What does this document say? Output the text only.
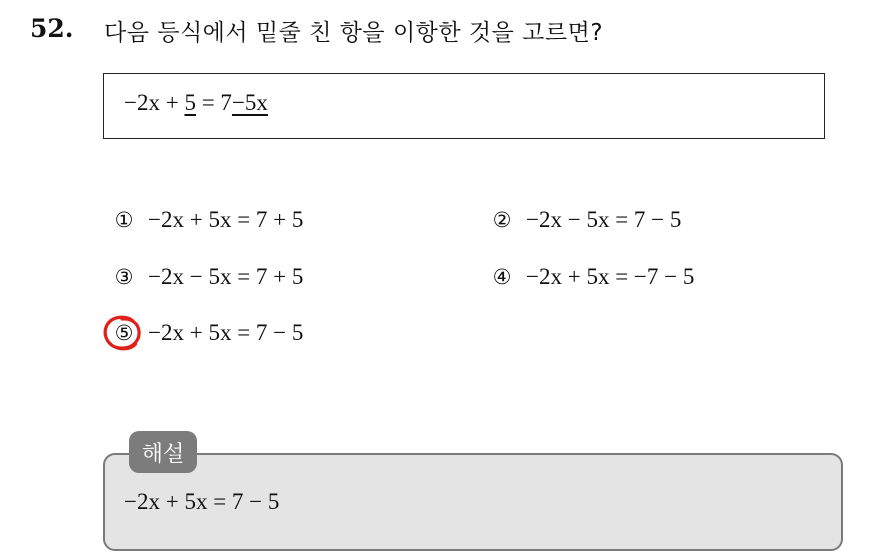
52. 다음 등식에서 밑줄 친 항을 이항한 것을 고르면?
−2x + 5 = 7−5x
① −2x + 5x = 7 + 5	② −2x − 5x = 7 − 5
③ −2x − 5x = 7 + 5	④ −2x + 5x = −7 − 5
⑤ −2x + 5x = 7 − 5
해설
−2x + 5x = 7 − 5
